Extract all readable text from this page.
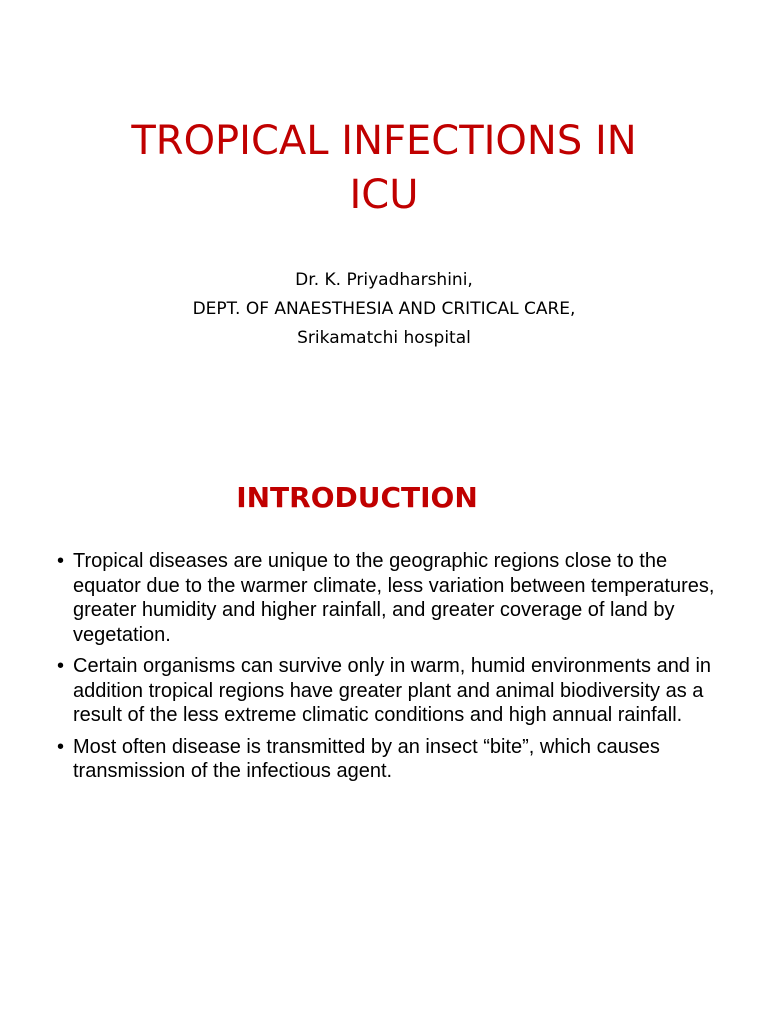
TROPICAL INFECTIONS IN
ICU
Dr. K. Priyadharshini,
DEPT. OF ANAESTHESIA AND CRITICAL CARE,
Srikamatchi hospital
INTRODUCTION
• Tropical diseases are unique to the geographic regions close to the equator due to the warmer climate, less variation between temperatures, greater humidity and higher rainfall, and greater coverage of land by vegetation.
• Certain organisms can survive only in warm, humid environments and in addition tropical regions have greater plant and animal biodiversity as a result of the less extreme climatic conditions and high annual rainfall.
• Most often disease is transmitted by an insect “bite”, which causes transmission of the infectious agent.
